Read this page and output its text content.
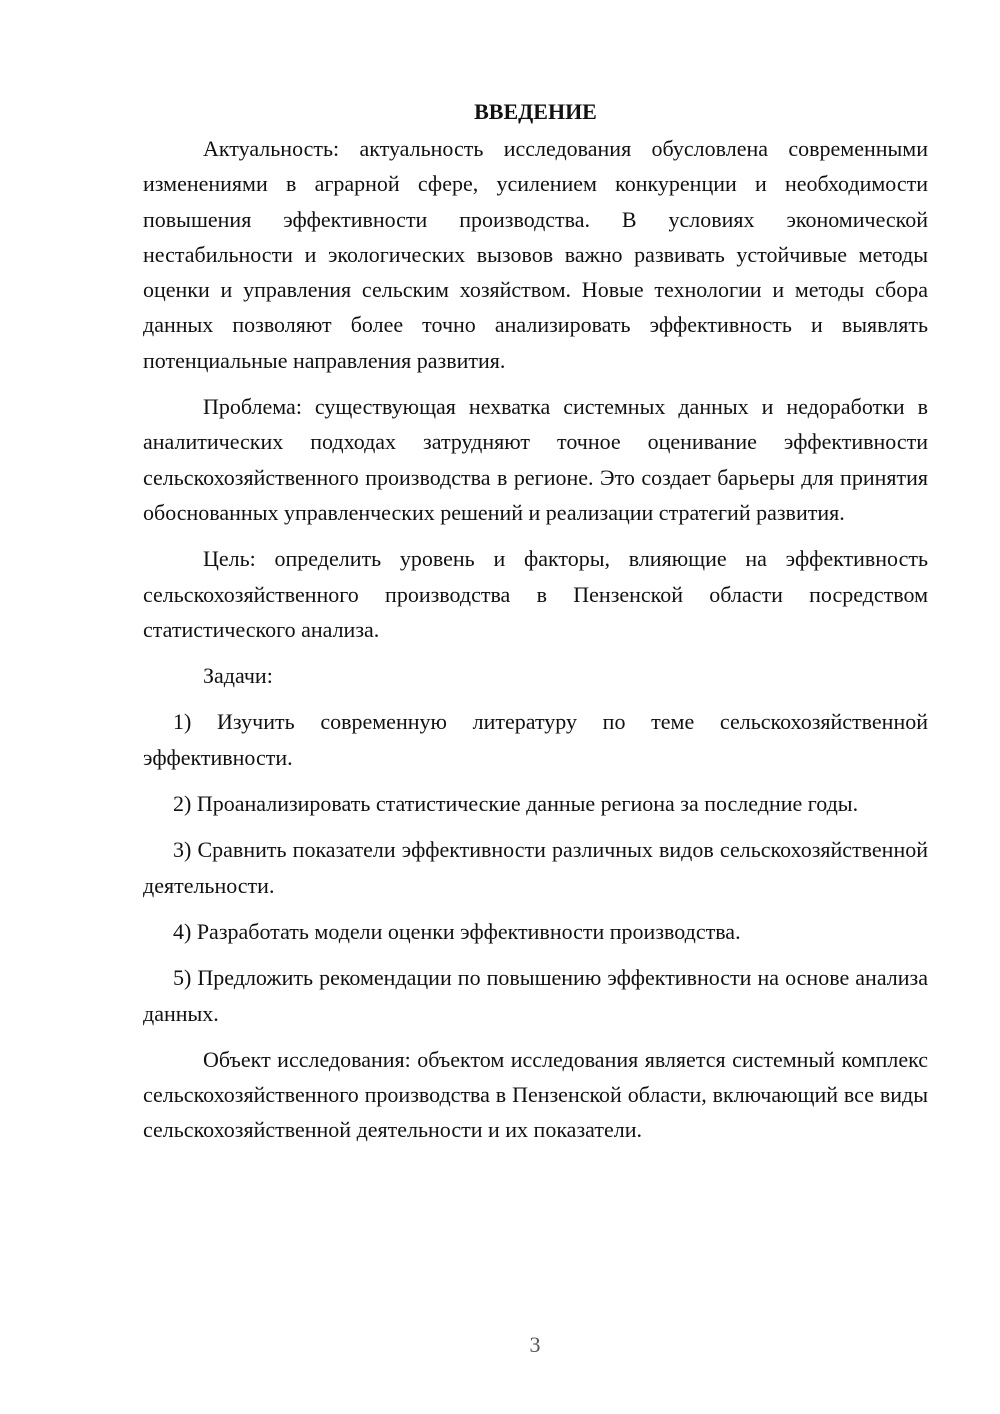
ВВЕДЕНИЕ

Актуальность: актуальность исследования обусловлена современными изменениями в аграрной сфере, усилением конкуренции и необходимости повышения эффективности производства. В условиях экономической нестабильности и экологических вызовов важно развивать устойчивые методы оценки и управления сельским хозяйством. Новые технологии и методы сбора данных позволяют более точно анализировать эффективность и выявлять потенциальные направления развития.

Проблема: существующая нехватка системных данных и недоработки в аналитических подходах затрудняют точное оценивание эффективности сельскохозяйственного производства в регионе. Это создает барьеры для принятия обоснованных управленческих решений и реализации стратегий развития.

Цель: определить уровень и факторы, влияющие на эффективность сельскохозяйственного производства в Пензенской области посредством статистического анализа.

Задачи:

1) Изучить современную литературу по теме сельскохозяйственной эффективности.

2) Проанализировать статистические данные региона за последние годы.

3) Сравнить показатели эффективности различных видов сельскохозяйственной деятельности.

4) Разработать модели оценки эффективности производства.

5) Предложить рекомендации по повышению эффективности на основе анализа данных.

Объект исследования: объектом исследования является системный комплекс сельскохозяйственного производства в Пензенской области, включающий все виды сельскохозяйственной деятельности и их показатели.

3
